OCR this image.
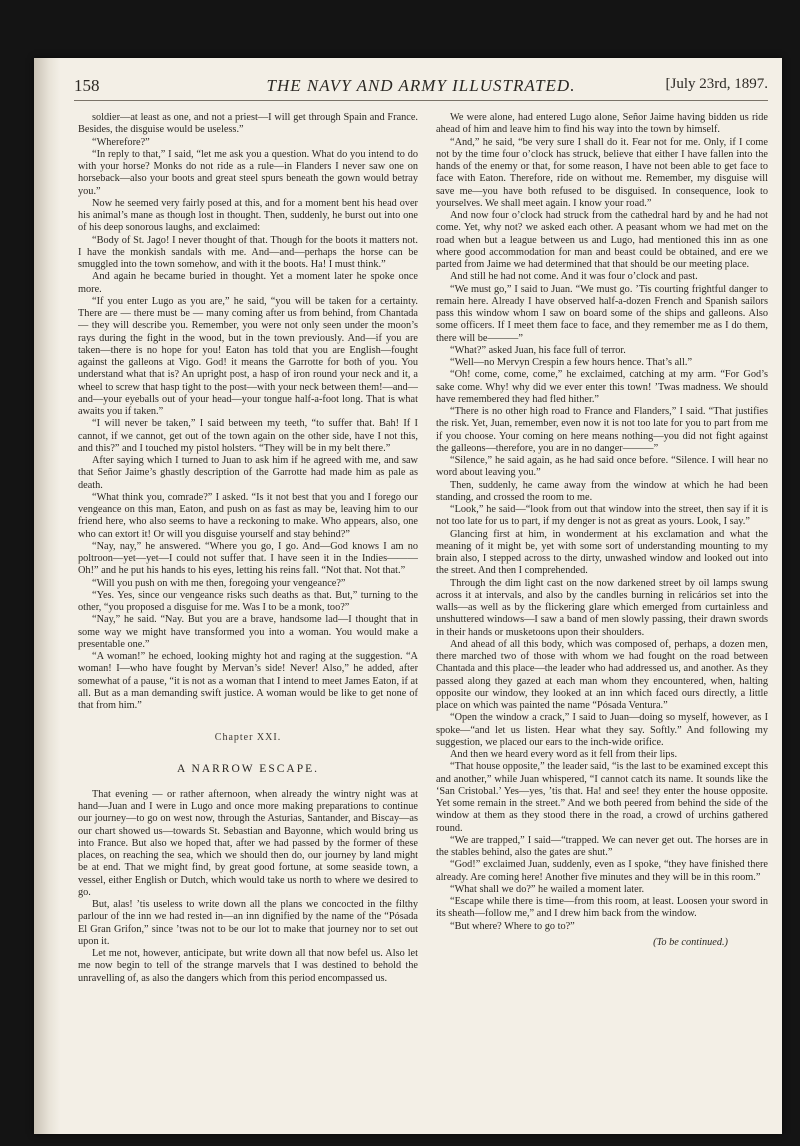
158	THE NAVY AND ARMY ILLUSTRATED.	[July 23rd, 1897.

soldier—at least as one, and not a priest—I will get through Spain and France. Besides, the disguise would be useless.”

“Wherefore?”

“In reply to that,” I said, “let me ask you a question. What do you intend to do with your horse? Monks do not ride as a rule—in Flanders I never saw one on horseback—also your boots and great steel spurs beneath the gown would betray you.”

Now he seemed very fairly posed at this, and for a moment bent his head over his animal’s mane as though lost in thought. Then, suddenly, he burst out into one of his deep sonorous laughs, and exclaimed:

“Body of St. Jago! I never thought of that. Though for the boots it matters not. I have the monkish sandals with me. And—and—perhaps the horse can be smuggled into the town somehow, and with it the boots. Ha! I must think.”

And again he became buried in thought. Yet a moment later he spoke once more.

“If you enter Lugo as you are,” he said, “you will be taken for a certainty. There are — there must be — many coming after us from behind, from Chantada — they will describe you. Remember, you were not only seen under the moon’s rays during the fight in the wood, but in the town previously. And—if you are taken—there is no hope for you! Eaton has told that you are English—fought against the galleons at Vigo. God! it means the Garrotte for both of you. You understand what that is? An upright post, a hasp of iron round your neck and it, a wheel to screw that hasp tight to the post—with your neck between them!—and—and—your eyeballs out of your head—your tongue half-a-foot long. That is what awaits you if taken.”

“I will never be taken,” I said between my teeth, “to suffer that. Bah! If I cannot, if we cannot, get out of the town again on the other side, have I not this, and this?” and I touched my pistol holsters. “They will be in my belt there.”

After saying which I turned to Juan to ask him if he agreed with me, and saw that Señor Jaime’s ghastly description of the Garrotte had made him as pale as death.

“What think you, comrade?” I asked. “Is it not best that you and I forego our vengeance on this man, Eaton, and push on as fast as may be, leaving him to our friend here, who also seems to have a reckoning to make. Who appears, also, one who can extort it! Or will you disguise yourself and stay behind?”

“Nay, nay,” he answered. “Where you go, I go. And—God knows I am no poltroon—yet—yet—I could not suffer that. I have seen it in the Indies———Oh!” and he put his hands to his eyes, letting his reins fall. “Not that. Not that.”

“Will you push on with me then, foregoing your vengeance?”

“Yes. Yes, since our vengeance risks such deaths as that. But,” turning to the other, “you proposed a disguise for me. Was I to be a monk, too?”

“Nay,” he said. “Nay. But you are a brave, handsome lad—I thought that in some way we might have transformed you into a woman. You would make a presentable one.”

“A woman!” he echoed, looking mighty hot and raging at the suggestion. “A woman! I—who have fought by Mervan’s side! Never! Also,” he added, after somewhat of a pause, “it is not as a woman that I intend to meet James Eaton, if at all. But as a man demanding swift justice. A woman would be like to get none of that from him.”

Chapter XXI.
A NARROW ESCAPE.

That evening — or rather afternoon, when already the wintry night was at hand—Juan and I were in Lugo and once more making preparations to continue our journey—to go on west now, through the Asturias, Santander, and Biscay—as our chart showed us—towards St. Sebastian and Bayonne, which would bring us into France. But also we hoped that, after we had passed by the former of these places, on reaching the sea, which we should then do, our journey by land might be at end. That we might find, by great good fortune, at some seaside town, a vessel, either English or Dutch, which would take us north to where we desired to go.

But, alas! ’tis useless to write down all the plans we concocted in the filthy parlour of the inn we had rested in—an inn dignified by the name of the “Pósada El Gran Grifon,” since ’twas not to be our lot to make that journey nor to set out upon it.

Let me not, however, anticipate, but write down all that now befel us. Also let me now begin to tell of the strange marvels that I was destined to behold the unravelling of, as also the dangers which from this period encompassed us.

We were alone, had entered Lugo alone, Señor Jaime having bidden us ride ahead of him and leave him to find his way into the town by himself.

“And,” he said, “be very sure I shall do it. Fear not for me. Only, if I come not by the time four o’clock has struck, believe that either I have fallen into the hands of the enemy or that, for some reason, I have not been able to get face to face with Eaton. Therefore, ride on without me. Remember, my disguise will save me—you have both refused to be disguised. In consequence, look to yourselves. We shall meet again. I know your road.”

And now four o’clock had struck from the cathedral hard by and he had not come. Yet, why not? we asked each other. A peasant whom we had met on the road when but a league between us and Lugo, had mentioned this inn as one where good accommodation for man and beast could be obtained, and ere we parted from Jaime we had determined that that should be our meeting place.

And still he had not come. And it was four o’clock and past.

“We must go,” I said to Juan. “We must go. ’Tis courting frightful danger to remain here. Already I have observed half-a-dozen French and Spanish sailors pass this window whom I saw on board some of the ships and galleons. Also some officers. If I meet them face to face, and they remember me as I do them, there will be———”

“What?” asked Juan, his face full of terror.

“Well—no Mervyn Crespin a few hours hence. That’s all.”

“Oh! come, come, come,” he exclaimed, catching at my arm. “For God’s sake come. Why! why did we ever enter this town! ’Twas madness. We should have remembered they had fled hither.”

“There is no other high road to France and Flanders,” I said. “That justifies the risk. Yet, Juan, remember, even now it is not too late for you to part from me if you choose. Your coming on here means nothing—you did not fight against the galleons—therefore, you are in no danger———”

“Silence,” he said again, as he had said once before. “Silence. I will hear no word about leaving you.”

Then, suddenly, he came away from the window at which he had been standing, and crossed the room to me.

“Look,” he said—“look from out that window into the street, then say if it is not too late for us to part, if my denger is not as great as yours. Look, I say.”

Glancing first at him, in wonderment at his exclamation and what the meaning of it might be, yet with some sort of understanding mounting to my brain also, I stepped across to the dirty, unwashed window and looked out into the street. And then I comprehended.

Through the dim light cast on the now darkened street by oil lamps swung across it at intervals, and also by the candles burning in relicários set into the walls—as well as by the flickering glare which emerged from curtainless and unshuttered windows—I saw a band of men slowly passing, their drawn swords in their hands or musketoons upon their shoulders.

And ahead of all this body, which was composed of, perhaps, a dozen men, there marched two of those with whom we had fought on the road between Chantada and this place—the leader who had addressed us, and another. As they passed along they gazed at each man whom they encountered, when, halting opposite our window, they looked at an inn which faced ours directly, a little place on which was painted the name “Pósada Ventura.”

“Open the window a crack,” I said to Juan—doing so myself, however, as I spoke—“and let us listen. Hear what they say. Softly.” And following my suggestion, we placed our ears to the inch-wide orifice.

And then we heard every word as it fell from their lips.

“That house opposite,” the leader said, “is the last to be examined except this and another,” while Juan whispered, “I cannot catch its name. It sounds like the ‘San Cristobal.’ Yes—yes, ’tis that. Ha! and see! they enter the house opposite. Yet some remain in the street.” And we both peered from behind the side of the window at them as they stood there in the road, a crowd of urchins gathered round.

“We are trapped,” I said—“trapped. We can never get out. The horses are in the stables behind, also the gates are shut.”

“God!” exclaimed Juan, suddenly, even as I spoke, “they have finished there already. Are coming here! Another five minutes and they will be in this room.”

“What shall we do?” he wailed a moment later.

“Escape while there is time—from this room, at least. Loosen your sword in its sheath—follow me,” and I drew him back from the window.

“But where? Where to go to?”

(To be continued.)
